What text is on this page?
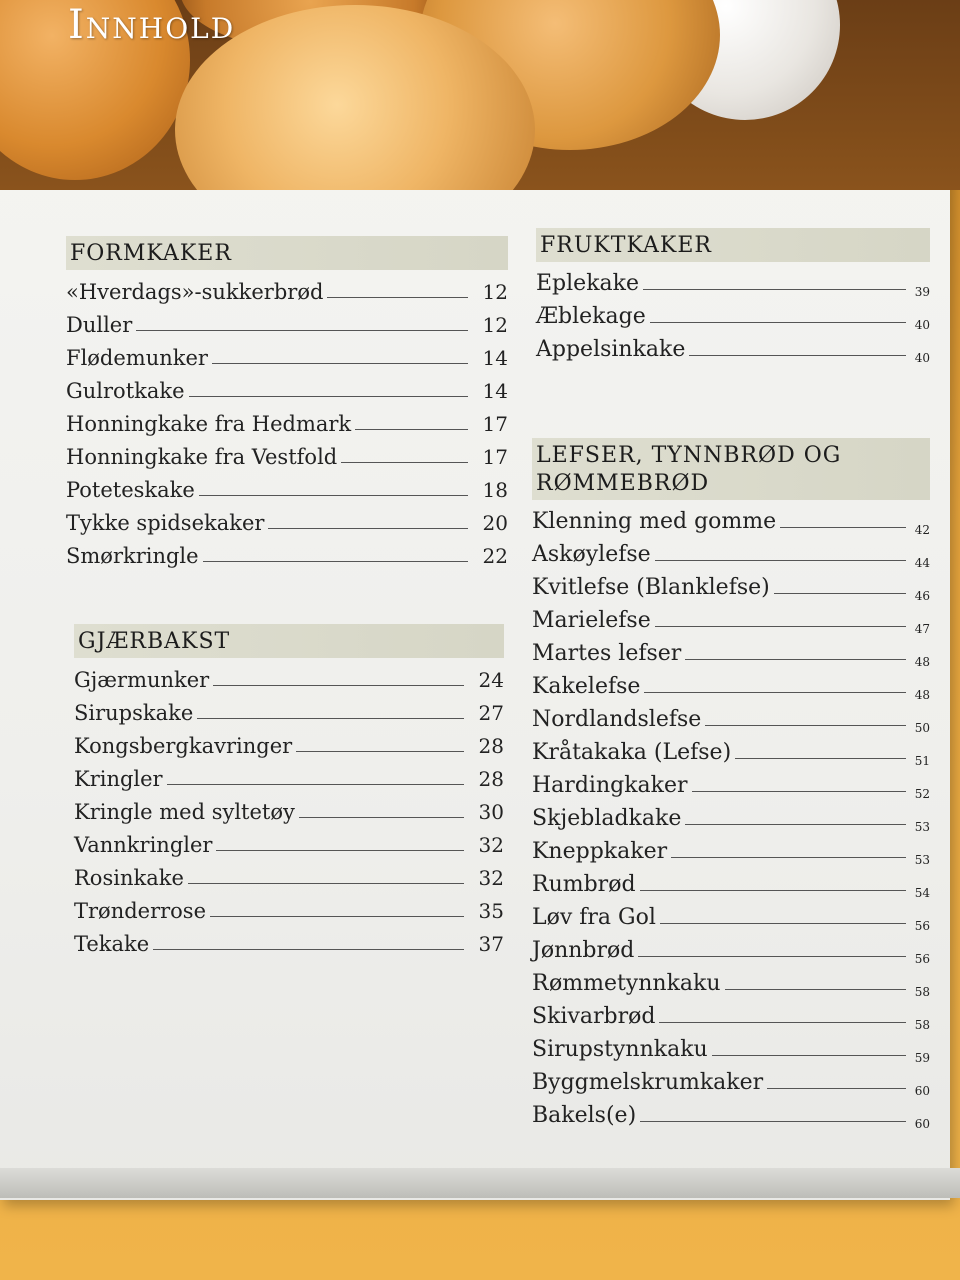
Innhold
FORMKAKER
«Hverdags»-sukkerbrød	12
Duller	12
Flødemunker	14
Gulrotkake	14
Honningkake fra Hedmark	17
Honningkake fra Vestfold	17
Poteteskake	18
Tykke spidsekaker	20
Smørkringle	22
GJÆRBAKST
Gjærmunker	24
Sirupskake	27
Kongsbergkavringer	28
Kringler	28
Kringle med syltetøy	30
Vannkringler	32
Rosinkake	32
Trønderrose	35
Tekake	37
FRUKTKAKER
Eplekake	39
Æblekage	40
Appelsinkake	40
LEFSER, TYNNBRØD OG
RØMMEBRØD
Klenning med gomme	42
Askøylefse	44
Kvitlefse (Blanklefse)	46
Marielefse	47
Martes lefser	48
Kakelefse	48
Nordlandslefse	50
Kråtakaka (Lefse)	51
Hardingkaker	52
Skjebladkake	53
Kneppkaker	53
Rumbrød	54
Løv fra Gol	56
Jønnbrød	56
Rømmetynnkaku	58
Skivarbrød	58
Sirupstynnkaku	59
Byggmelskrumkaker	60
Bakels(e)	60
